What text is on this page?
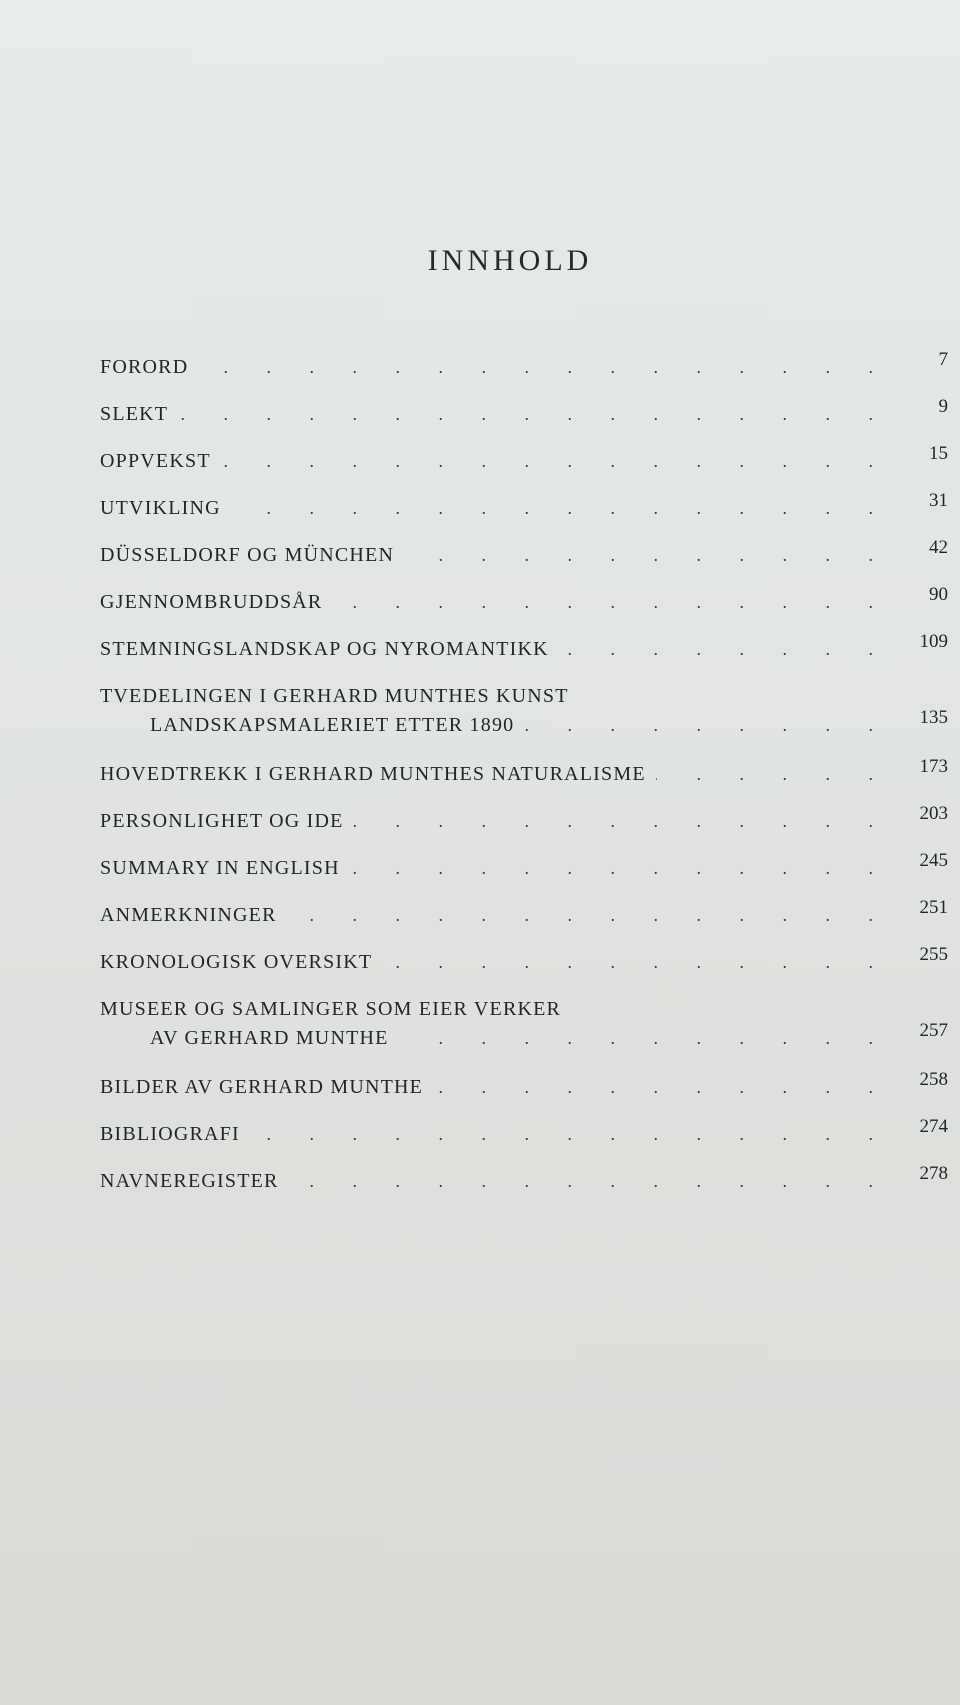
INNHOLD
FORORD . . .	7
SLEKT . . .	9
OPPVEKST . . .	15
UTVIKLING . . .	31
DÜSSELDORF OG MÜNCHEN . . .	42
GJENNOMBRUDDSÅR . . .	90
STEMNINGSLANDSKAP OG NYROMANTIKK . . .	109
TVEDELINGEN I GERHARD MUNTHES KUNST
LANDSKAPSMALERIET ETTER 1890 . . .	135
HOVEDTREKK I GERHARD MUNTHES NATURALISME . . .	173
PERSONLIGHET OG IDE . . .	203
SUMMARY IN ENGLISH . . .	245
ANMERKNINGER . . .	251
KRONOLOGISK OVERSIKT . . .	255
MUSEER OG SAMLINGER SOM EIER VERKER
AV GERHARD MUNTHE . . .	257
BILDER AV GERHARD MUNTHE . . .	258
BIBLIOGRAFI . . .	274
NAVNEREGISTER . . .	278
